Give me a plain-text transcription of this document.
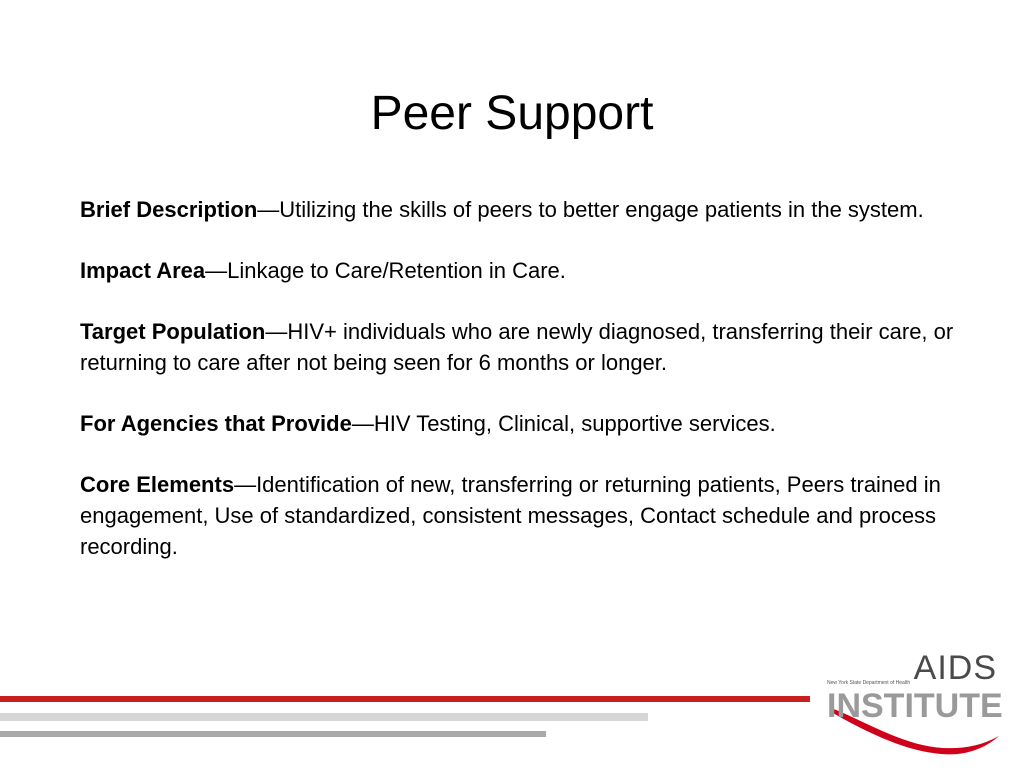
Peer Support

Brief Description—Utilizing the skills of peers to better engage patients in the system.

Impact Area—Linkage to Care/Retention in Care.

Target Population—HIV+ individuals who are newly diagnosed, transferring their care, or returning to care after not being seen for 6 months or longer.

For Agencies that Provide—HIV Testing, Clinical, supportive services.

Core Elements—Identification of new, transferring or returning patients, Peers trained in engagement, Use of standardized, consistent messages, Contact schedule and process recording.

AIDS
New York State Department of Health
INSTITUTE
